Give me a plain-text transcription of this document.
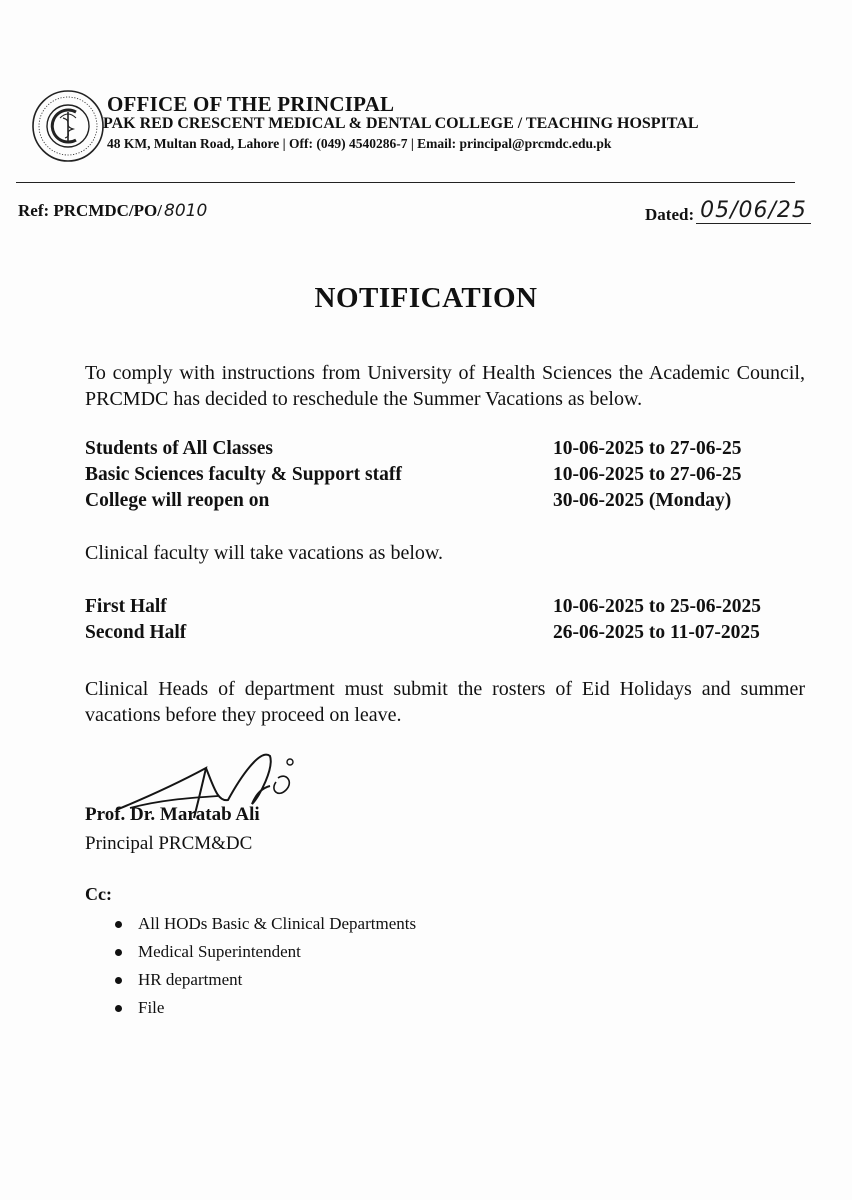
OFFICE OF THE PRINCIPAL
PAK RED CRESCENT MEDICAL & DENTAL COLLEGE / TEACHING HOSPITAL
48 KM, Multan Road, Lahore | Off: (049) 4540286-7 | Email: principal@prcmdc.edu.pk
Ref: PRCMDC/PO/ 8010	Dated: 05/06/25
NOTIFICATION
To comply with instructions from University of Health Sciences the Academic Council, PRCMDC has decided to reschedule the Summer Vacations as below.
Students of All Classes	10-06-2025 to 27-06-25
Basic Sciences faculty & Support staff	10-06-2025 to 27-06-25
College will reopen on	30-06-2025 (Monday)
Clinical faculty will take vacations as below.
First Half	10-06-2025 to 25-06-2025
Second Half	26-06-2025 to 11-07-2025
Clinical Heads of department must submit the rosters of Eid Holidays and summer vacations before they proceed on leave.
Prof. Dr. Maratab Ali
Principal PRCM&DC
Cc:
All HODs Basic & Clinical Departments
Medical Superintendent
HR department
File
